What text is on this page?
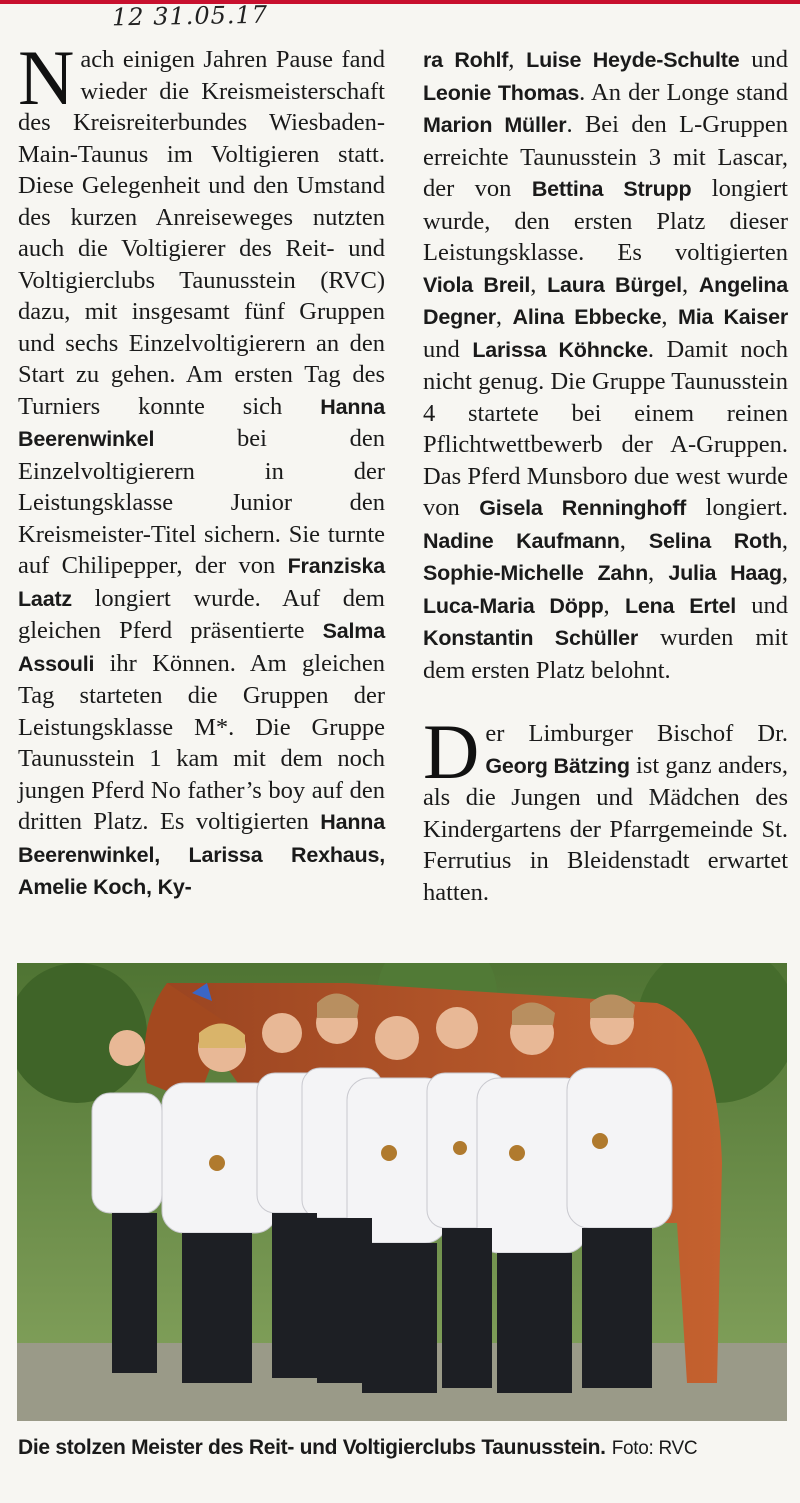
12 31.05.17

Nach einigen Jahren Pause fand wieder die Kreismeisterschaft des Kreisreiterbundes Wiesbaden-Main-Taunus im Voltigieren statt. Diese Gelegenheit und den Umstand des kurzen Anreiseweges nutzten auch die Voltigierer des Reit- und Voltigierclubs Taunusstein (RVC) dazu, mit insgesamt fünf Gruppen und sechs Einzelvoltigierern an den Start zu gehen. Am ersten Tag des Turniers konnte sich Hanna Beerenwinkel bei den Einzelvoltigierern in der Leistungsklasse Junior den Kreismeister-Titel sichern. Sie turnte auf Chilipepper, der von Franziska Laatz longiert wurde. Auf dem gleichen Pferd präsentierte Salma Assouli ihr Können. Am gleichen Tag starteten die Gruppen der Leistungsklasse M*. Die Gruppe Taunusstein 1 kam mit dem noch jungen Pferd No father’s boy auf den dritten Platz. Es voltigierten Hanna Beerenwinkel, Larissa Rexhaus, Amelie Koch, Ky-

ra Rohlf, Luise Heyde-Schulte und Leonie Thomas. An der Longe stand Marion Müller. Bei den L-Gruppen erreichte Taunusstein 3 mit Lascar, der von Bettina Strupp longiert wurde, den ersten Platz dieser Leistungsklasse. Es voltigierten Viola Breil, Laura Bürgel, Angelina Degner, Alina Ebbecke, Mia Kaiser und Larissa Köhncke. Damit noch nicht genug. Die Gruppe Taunusstein 4 startete bei einem reinen Pflichtwettbewerb der A-Gruppen. Das Pferd Munsboro due west wurde von Gisela Renninghoff longiert. Nadine Kaufmann, Selina Roth, Sophie-Michelle Zahn, Julia Haag, Luca-Maria Döpp, Lena Ertel und Konstantin Schüller wurden mit dem ersten Platz belohnt.

Der Limburger Bischof Dr. Georg Bätzing ist ganz anders, als die Jungen und Mädchen des Kindergartens der Pfarrgemeinde St. Ferrutius in Bleidenstadt erwartet hatten.

Die stolzen Meister des Reit- und Voltigierclubs Taunusstein. Foto: RVC
